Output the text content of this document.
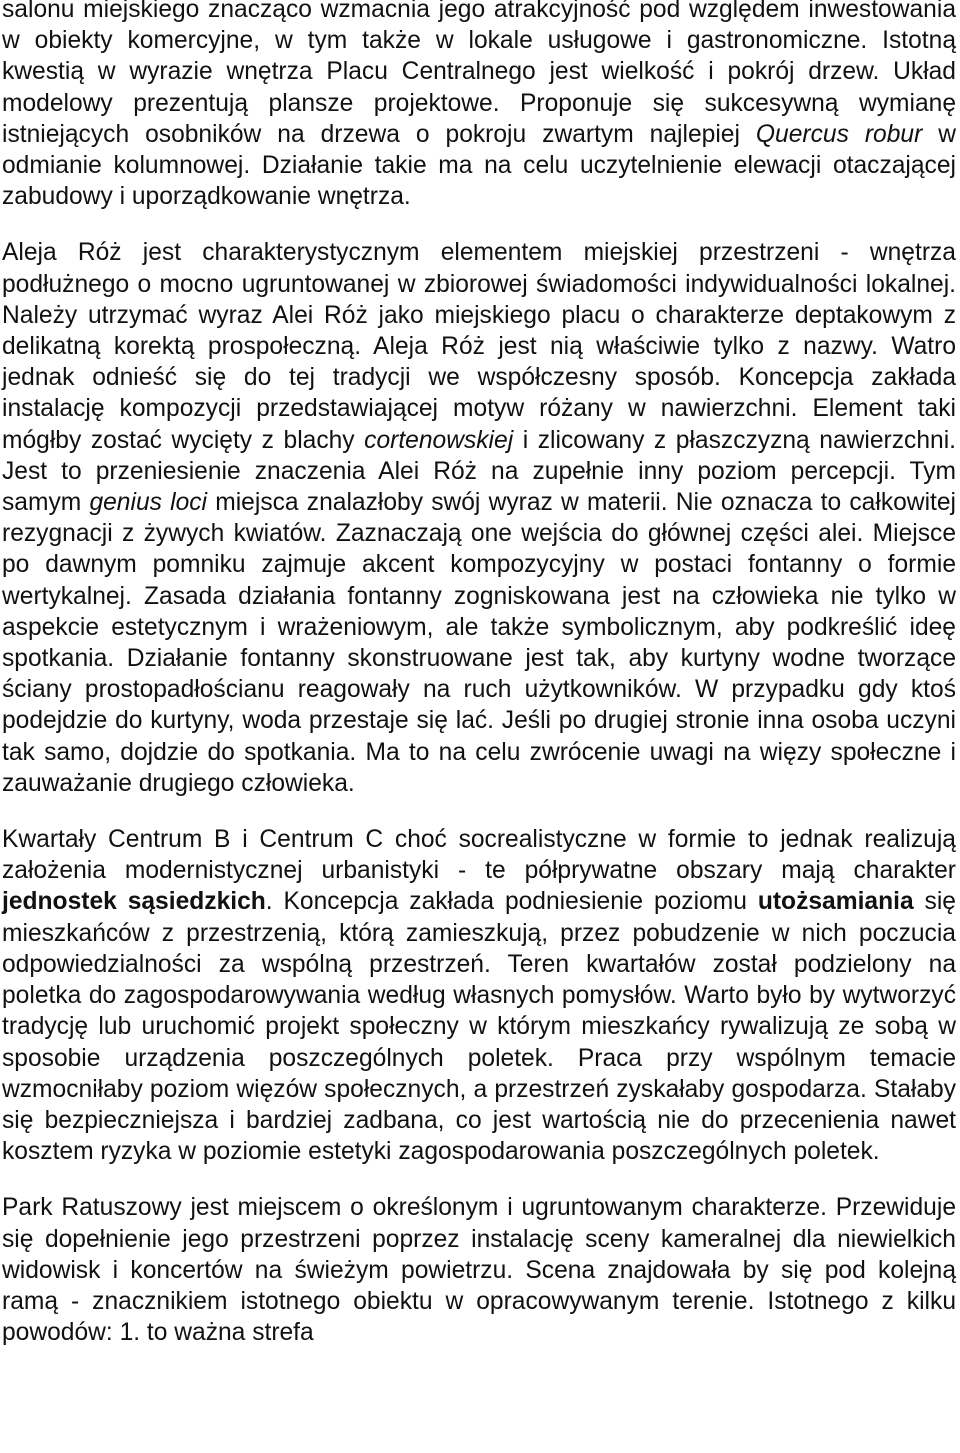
salonu miejskiego znacząco wzmacnia jego atrakcyjność pod względem inwestowania w obiekty komercyjne, w tym także w lokale usługowe i gastronomiczne. Istotną kwestią w wyrazie wnętrza Placu Centralnego jest wielkość i pokrój drzew. Układ modelowy prezentują plansze projektowe. Proponuje się sukcesywną wymianę istniejących osobników na drzewa o pokroju zwartym najlepiej Quercus robur w odmianie kolumnowej. Działanie takie ma na celu uczytelnienie elewacji otaczającej zabudowy i uporządkowanie wnętrza.

Aleja Róż jest charakterystycznym elementem miejskiej przestrzeni - wnętrza podłużnego o mocno ugruntowanej w zbiorowej świadomości indywidualności lokalnej. Należy utrzymać wyraz Alei Róż jako miejskiego placu o charakterze deptakowym z delikatną korektą prospołeczną. Aleja Róż jest nią właściwie tylko z nazwy. Watro jednak odnieść się do tej tradycji we współczesny sposób. Koncepcja zakłada instalację kompozycji przedstawiającej motyw różany w nawierzchni. Element taki mógłby zostać wycięty z blachy cortenowskiej i zlicowany z płaszczyzną nawierzchni. Jest to przeniesienie znaczenia Alei Róż na zupełnie inny poziom percepcji. Tym samym genius loci miejsca znalazłoby swój wyraz w materii. Nie oznacza to całkowitej rezygnacji z żywych kwiatów. Zaznaczają one wejścia do głównej części alei. Miejsce po dawnym pomniku zajmuje akcent kompozycyjny w postaci fontanny o formie wertykalnej. Zasada działania fontanny zogniskowana jest na człowieka nie tylko w aspekcie estetycznym i wrażeniowym, ale także symbolicznym, aby podkreślić ideę spotkania. Działanie fontanny skonstruowane jest tak, aby kurtyny wodne tworzące ściany prostopadłościanu reagowały na ruch użytkowników. W przypadku gdy ktoś podejdzie do kurtyny, woda przestaje się lać. Jeśli po drugiej stronie inna osoba uczyni tak samo, dojdzie do spotkania. Ma to na celu zwrócenie uwagi na więzy społeczne i zauważanie drugiego człowieka.

Kwartały Centrum B i Centrum C choć socrealistyczne w formie to jednak realizują założenia modernistycznej urbanistyki - te półprywatne obszary mają charakter jednostek sąsiedzkich. Koncepcja zakłada podniesienie poziomu utożsamiania się mieszkańców z przestrzenią, którą zamieszkują, przez pobudzenie w nich poczucia odpowiedzialności za wspólną przestrzeń. Teren kwartałów został podzielony na poletka do zagospodarowywania według własnych pomysłów. Warto było by wytworzyć tradycję lub uruchomić projekt społeczny w którym mieszkańcy rywalizują ze sobą w sposobie urządzenia poszczególnych poletek. Praca przy wspólnym temacie wzmocniłaby poziom więzów społecznych, a przestrzeń zyskałaby gospodarza. Stałaby się bezpieczniejsza i bardziej zadbana, co jest wartością nie do przecenienia nawet kosztem ryzyka w poziomie estetyki zagospodarowania poszczególnych poletek.

Park Ratuszowy jest miejscem o określonym i ugruntowanym charakterze. Przewiduje się dopełnienie jego przestrzeni poprzez instalację sceny kameralnej dla niewielkich widowisk i koncertów na świeżym powietrzu. Scena znajdowała by się pod kolejną ramą - znacznikiem istotnego obiektu w opracowywanym terenie. Istotnego z kilku powodów: 1. to ważna strefa
